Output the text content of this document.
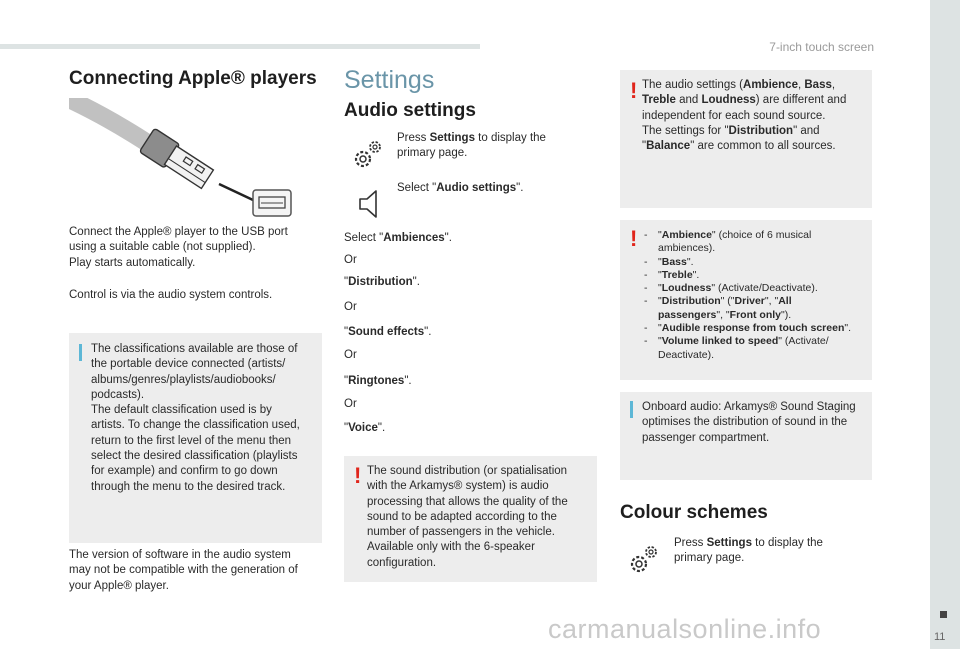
7-inch touch screen
11
carmanualsonline.info
Connecting Apple® players
Connect the Apple® player to the USB port
using a suitable cable (not supplied).
Play starts automatically.
Control is via the audio system controls.
The classifications available are those of
the portable device connected (artists/
albums/genres/playlists/audiobooks/
podcasts).
The default classification used is by
artists. To change the classification used,
return to the first level of the menu then
select the desired classification (playlists
for example) and confirm to go down
through the menu to the desired track.
The version of software in the audio system
may not be compatible with the generation of
your Apple® player.
Settings
Audio settings
Press Settings to display the
primary page.
Select "Audio settings".
Select "Ambiences".
Or
"Distribution".
Or
"Sound effects".
Or
"Ringtones".
Or
"Voice".
! The sound distribution (or spatialisation
with the Arkamys® system) is audio
processing that allows the quality of the
sound to be adapted according to the
number of passengers in the vehicle.
Available only with the 6-speaker
configuration.
! The audio settings (Ambience, Bass,
Treble and Loudness) are different and
independent for each sound source.
The settings for "Distribution" and
"Balance" are common to all sources.
! -	"Ambience" (choice of 6 musical
ambiences).
-	"Bass".
-	"Treble".
-	"Loudness" (Activate/Deactivate).
-	"Distribution" ("Driver", "All
passengers", "Front only").
-	"Audible response from touch screen".
-	"Volume linked to speed" (Activate/
Deactivate).
Onboard audio: Arkamys® Sound Staging
optimises the distribution of sound in the
passenger compartment.
Colour schemes
Press Settings to display the
primary page.
